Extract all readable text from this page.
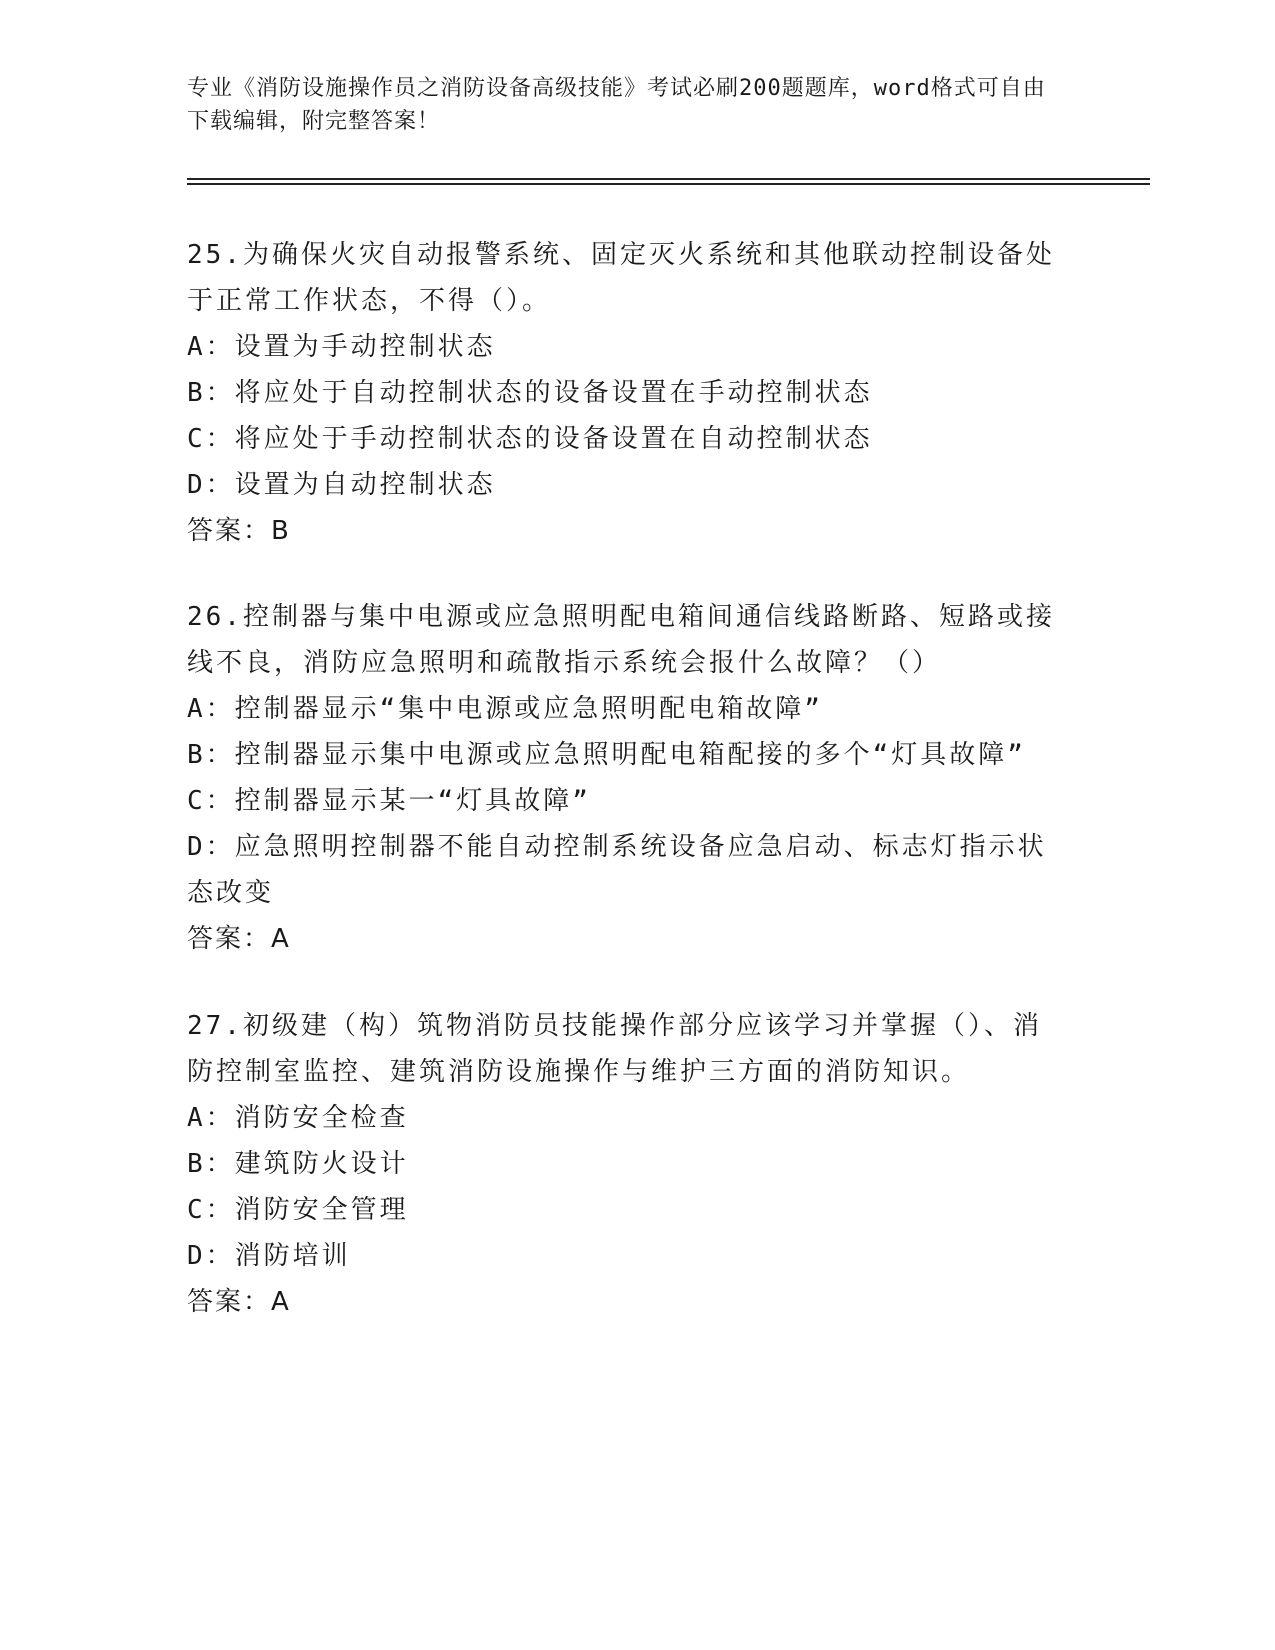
专业《消防设施操作员之消防设备高级技能》考试必刷200题题库，word格式可自由下载编辑，附完整答案！

25.为确保火灾自动报警系统、固定灭火系统和其他联动控制设备处于正常工作状态，不得（）。

A：设置为手动控制状态

B：将应处于自动控制状态的设备设置在手动控制状态

C：将应处于手动控制状态的设备设置在自动控制状态

D：设置为自动控制状态

答案：B

26.控制器与集中电源或应急照明配电箱间通信线路断路、短路或接线不良，消防应急照明和疏散指示系统会报什么故障？（）

A：控制器显示“集中电源或应急照明配电箱故障”

B：控制器显示集中电源或应急照明配电箱配接的多个“灯具故障”

C：控制器显示某一“灯具故障”

D：应急照明控制器不能自动控制系统设备应急启动、标志灯指示状态改变

答案：A

27.初级建（构）筑物消防员技能操作部分应该学习并掌握（）、消防控制室监控、建筑消防设施操作与维护三方面的消防知识。

A：消防安全检查

B：建筑防火设计

C：消防安全管理

D：消防培训

答案：A
